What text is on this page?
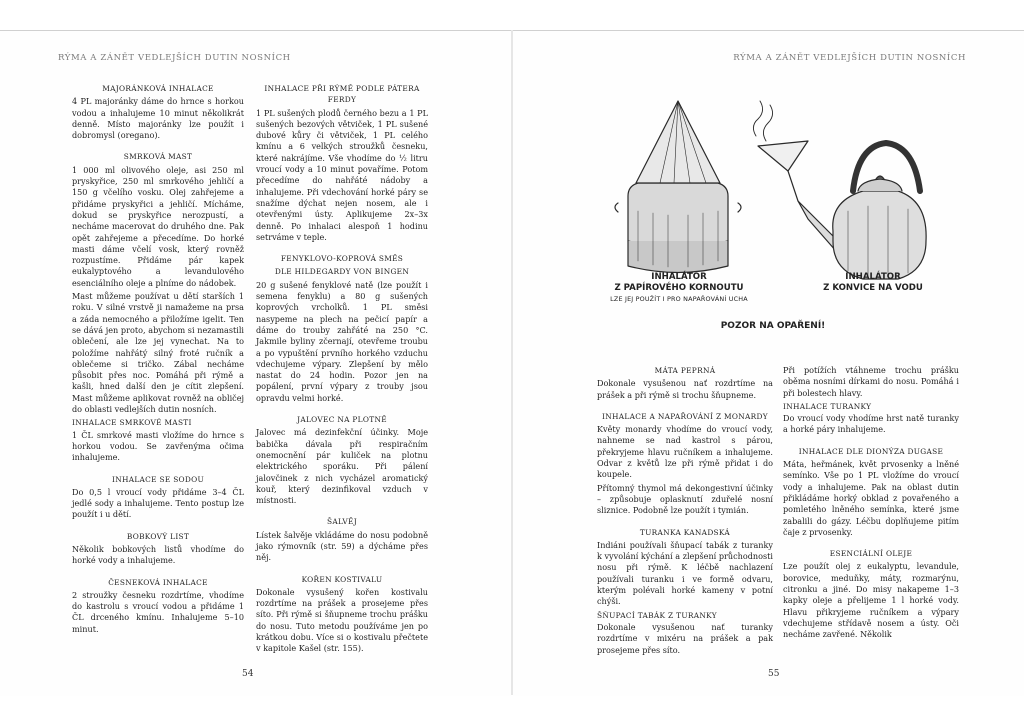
RÝMA A ZÁNĚT VEDLEJŠÍCH DUTIN NOSNÍCH
MAJORÁNKOVÁ INHALACE

4 PL majoránky dáme do hrnce s horkou vodou a inhalujeme 10 minut několikrát denně. Místo majoránky lze použít i dobromysl (oregano).

SMRKOVÁ MAST

1 000 ml olivového oleje, asi 250 ml pryskyřice, 250 ml smrkového jehličí a 150 g včelího vosku. Olej zahřejeme a přidáme pryskyřici a jehličí. Mícháme, dokud se pryskyřice nerozpustí, a necháme macerovat do druhého dne. Pak opět zahřejeme a přecedíme. Do horké masti dáme včelí vosk, který rovněž rozpustíme. Přidáme pár kapek eukalyptového a levandulového esenciálního oleje a plníme do nádobek.

Mast můžeme používat u dětí starších 1 roku. V silné vrstvě ji namažeme na prsa a záda nemocného a přiložíme igelit. Ten se dává jen proto, abychom si nezamastili oblečení, ale lze jej vynechat. Na to položíme nahřátý silný froté ručník a oblečeme si tričko. Zábal necháme působit přes noc. Pomáhá při rýmě a kašli, hned další den je cítit zlepšení. Mast můžeme aplikovat rovněž na obličej do oblasti vedlejších dutin nosních.

INHALACE SMRKOVÉ MASTI

1 ČL smrkové masti vložíme do hrnce s horkou vodou. Se zavřenýma očima inhalujeme.

INHALACE SE SODOU

Do 0,5 l vroucí vody přidáme 3–4 ČL jedlé sody a inhalujeme. Tento postup lze použít i u dětí.

BOBKOVÝ LIST

Několik bobkových listů vhodíme do horké vody a inhalujeme.

ČESNEKOVÁ INHALACE

2 stroužky česneku rozdrtíme, vhodíme do kastrolu s vroucí vodou a přidáme 1 ČL drceného kmínu. Inhalujeme 5–10 minut.

INHALACE PŘI RÝMĚ PODLE PÁTERA FERDY

1 PL sušených plodů černého bezu a 1 PL sušených bezových větviček, 1 PL sušené dubové kůry či větviček, 1 PL celého kmínu a 6 velkých stroužků česneku, které nakrájíme. Vše vhodíme do ½ litru vroucí vody a 10 minut povaříme. Potom přecedíme do nahřáté nádoby a inhalujeme. Při vdechování horké páry se snažíme dýchat nejen nosem, ale i otevřenými ústy. Aplikujeme 2x–3x denně. Po inhalaci alespoň 1 hodinu setrváme v teple.

FENYKLOVO-KOPROVÁ SMĚS
DLE HILDEGARDY VON BINGEN

20 g sušené fenyklové natě (lze použít i semena fenyklu) a 80 g sušených koprových vrcholků. 1 PL směsi nasypeme na plech na pečicí papír a dáme do trouby zahřáté na 250 °C. Jakmile byliny zčernají, otevřeme troubu a po vypuštění prvního horkého vzduchu vdechujeme výpary. Zlepšení by mělo nastat do 24 hodin. Pozor jen na popálení, první výpary z trouby jsou opravdu velmi horké.

JALOVEC NA PLOTNĚ

Jalovec má dezinfekční účinky. Moje babička dávala při respiračním onemocnění pár kuliček na plotnu elektrického sporáku. Při pálení jalovčinek z nich vycházel aromatický kouř, který dezinfikoval vzduch v místnosti.

ŠALVĚJ

Lístek šalvěje vkládáme do nosu podobně jako rýmovník (str. 59) a dýcháme přes něj.

KOŘEN KOSTIVALU

Dokonale vysušený kořen kostivalu rozdrtíme na prášek a prosejeme přes síto. Při rýmě si šňupneme trochu prášku do nosu. Tuto metodu používáme jen po krátkou dobu. Více si o kostivalu přečtete v kapitole Kašel (str. 155).

54
RÝMA A ZÁNĚT VEDLEJŠÍCH DUTIN NOSNÍCH
INHALÁTOR
Z PAPÍROVÉHO KORNOUTU
LZE JEJ POUŽÍT I PRO NAPAŘOVÁNÍ UCHA
INHALÁTOR
Z KONVICE NA VODU
POZOR NA OPAŘENÍ!
MÁTA PEPRNÁ

Dokonale vysušenou nať rozdrtíme na prášek a při rýmě si trochu šňupneme.

INHALACE A NAPAŘOVÁNÍ Z MONARDY

Květy monardy vhodíme do vroucí vody, nahneme se nad kastrol s párou, překryjeme hlavu ručníkem a inhalujeme. Odvar z květů lze při rýmě přidat i do koupele.

Přítomný thymol má dekongestivní účinky – způsobuje oplasknutí zduřelé nosní sliznice. Podobně lze použít i tymián.

TURANKA KANADSKÁ

Indiáni používali šňupací tabák z turanky k vyvolání kýchání a zlepšení průchodnosti nosu při rýmě. K léčbě nachlazení používali turanku i ve formě odvaru, kterým polévali horké kameny v potní chýši.

ŠŇUPACÍ TABÁK Z TURANKY

Dokonale vysušenou nať turanky rozdrtíme v mixéru na prášek a pak prosejeme přes síto.

Při potížích vtáhneme trochu prášku oběma nosními dírkami do nosu. Pomáhá i při bolestech hlavy.

INHALACE TURANKY

Do vroucí vody vhodíme hrst natě turanky a horké páry inhalujeme.

INHALACE DLE DIONÝZA DUGASE

Máta, heřmánek, květ prvosenky a lněné semínko. Vše po 1 PL vložíme do vroucí vody a inhalujeme. Pak na oblast dutin přikládáme horký obklad z povařeného a pomletého lněného semínka, které jsme zabalili do gázy. Léčbu doplňujeme pitím čaje z prvosenky.

ESENCIÁLNÍ OLEJE

Lze použít olej z eukalyptu, levandule, borovice, meduňky, máty, rozmarýnu, citronku a jiné. Do misy nakapeme 1–3 kapky oleje a přelijeme 1 l horké vody. Hlavu přikryjeme ručníkem a výpary vdechujeme střídavě nosem a ústy. Oči necháme zavřené. Několik

55
